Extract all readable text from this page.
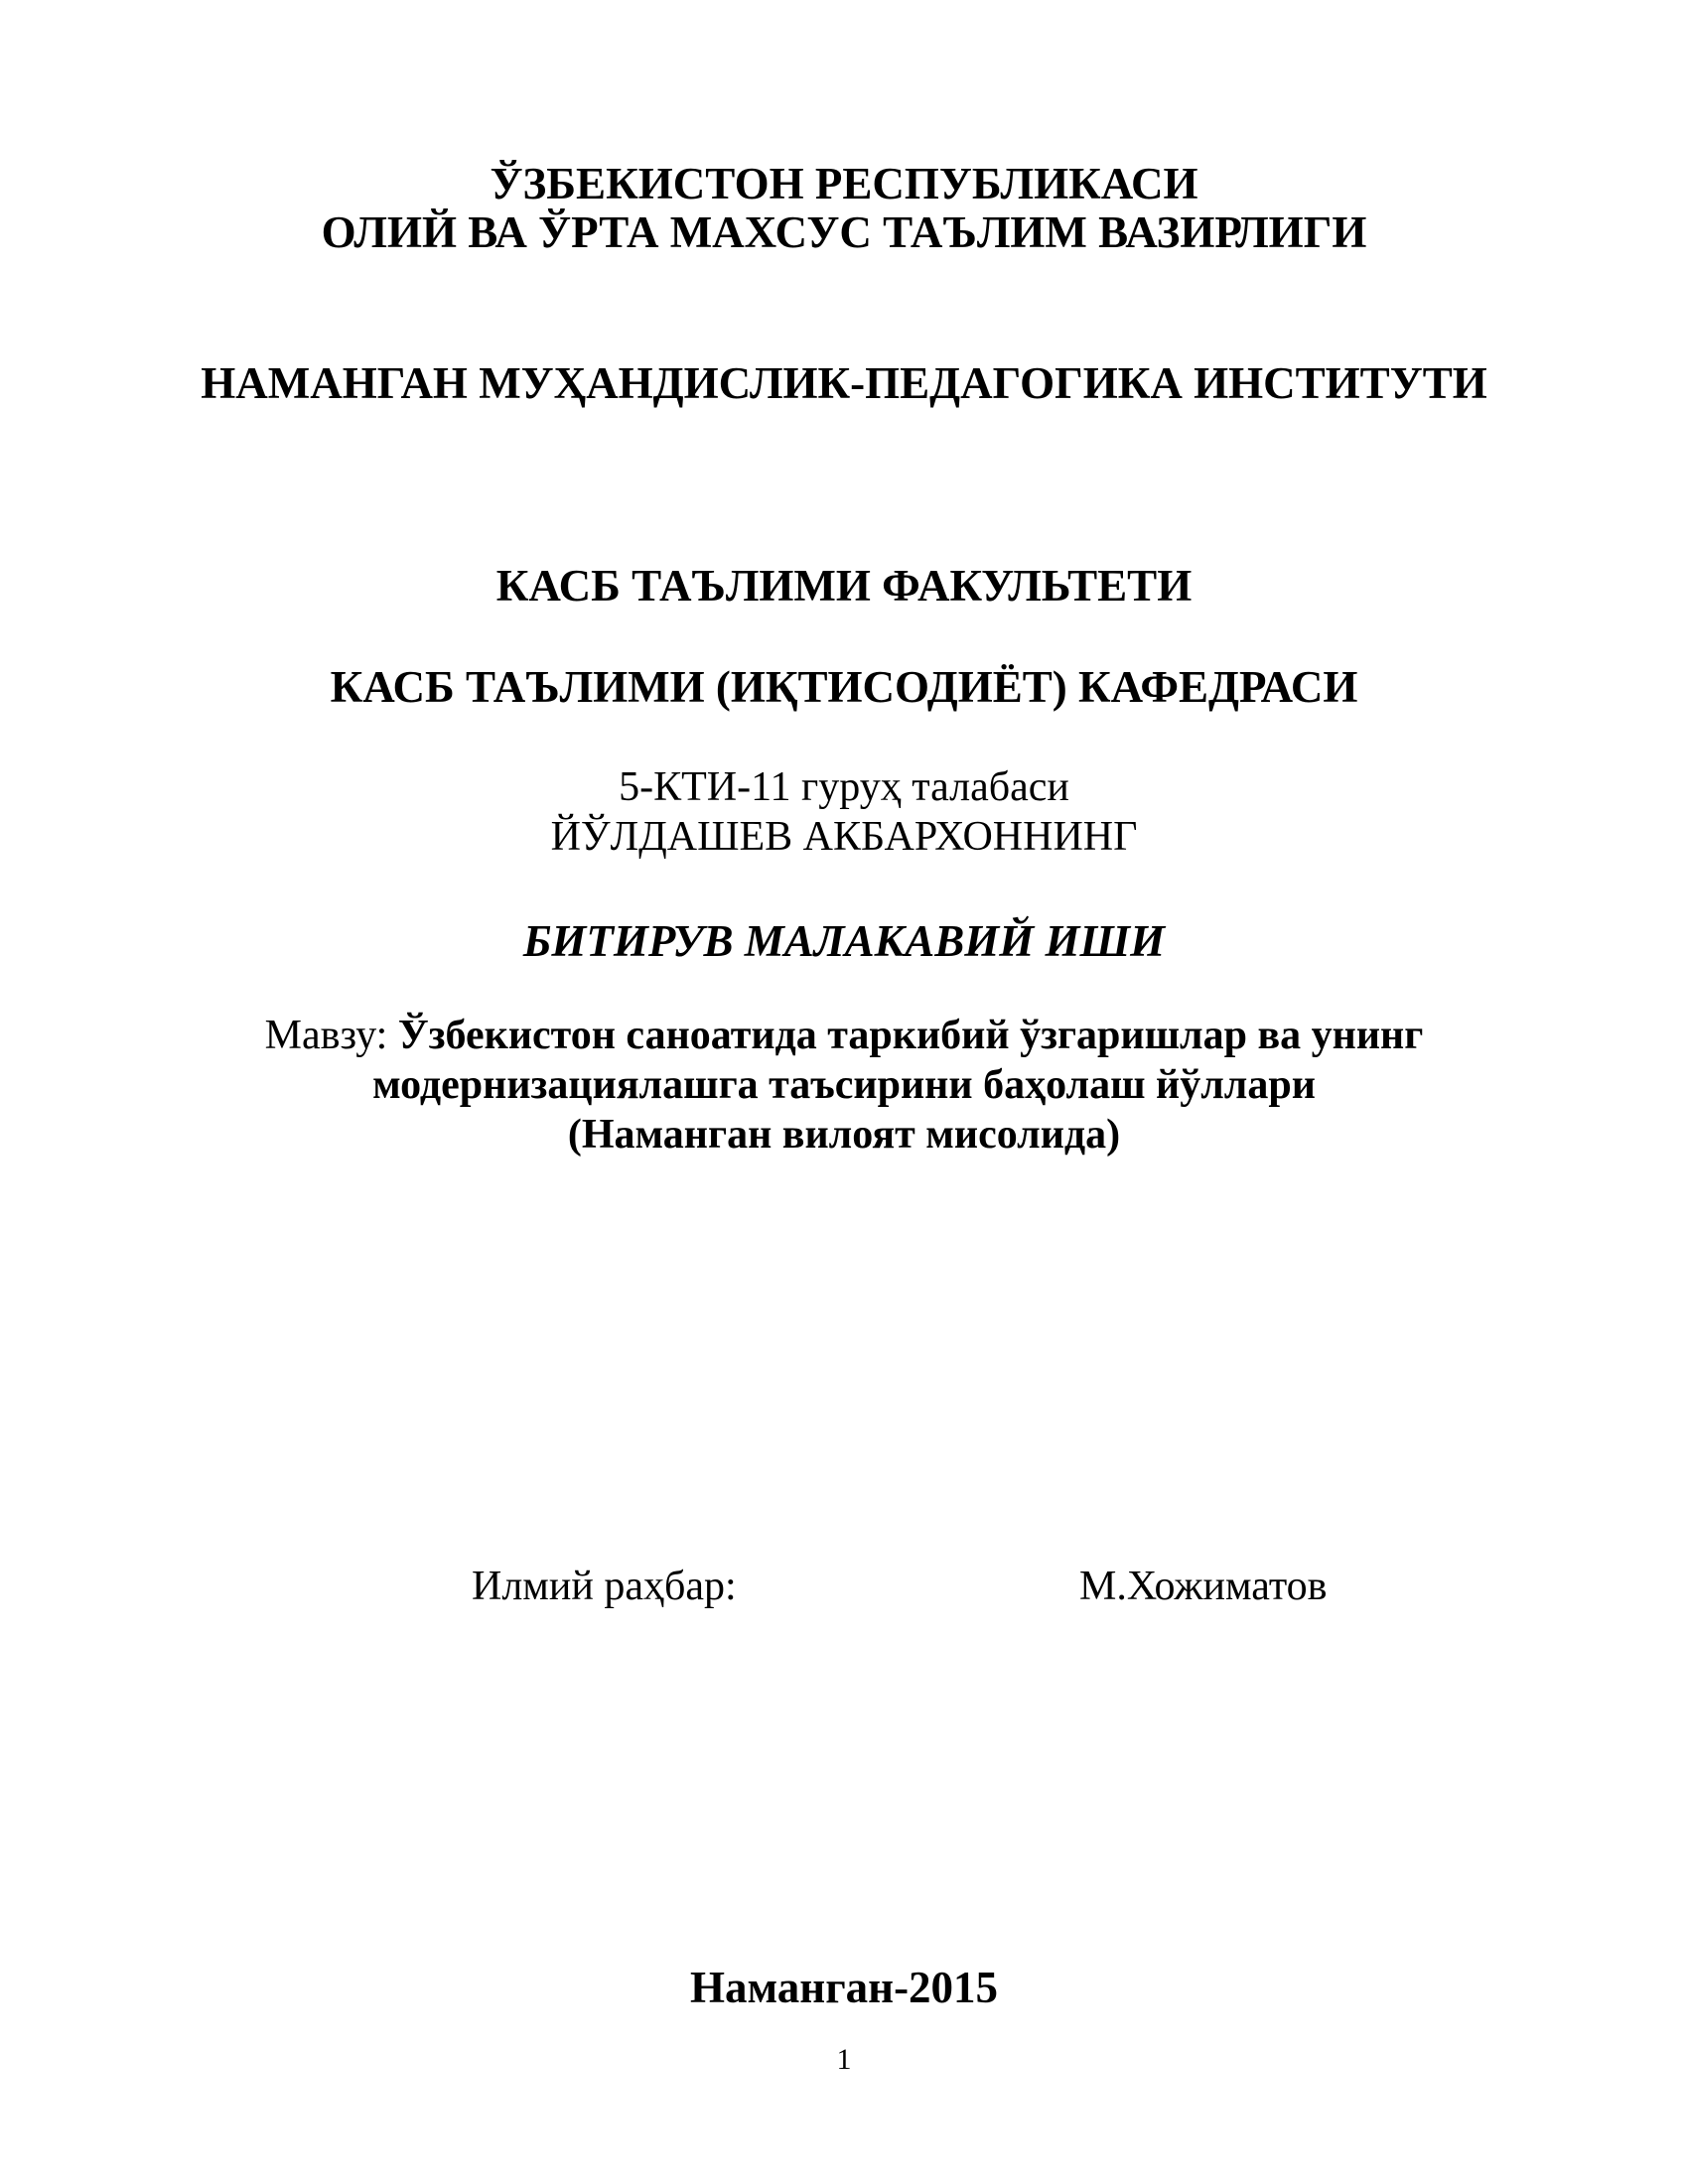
ЎЗБЕКИСТОН РЕСПУБЛИКАСИ
ОЛИЙ ВА ЎРТА МАХСУС ТАЪЛИМ ВАЗИРЛИГИ
НАМАНГАН МУҲАНДИСЛИК-ПЕДАГОГИКА ИНСТИТУТИ
КАСБ ТАЪЛИМИ ФАКУЛЬТЕТИ
КАСБ ТАЪЛИМИ (ИҚТИСОДИЁТ) КАФЕДРАСИ
5-КТИ-11 гуруҳ талабаси
ЙЎЛДАШЕВ АКБАРХОННИНГ
БИТИРУВ МАЛАКАВИЙ ИШИ
Мавзу: Ўзбекистон саноатида таркибий ўзгаришлар ва унинг
модернизациялашга таъсирини баҳолаш йўллари
(Наманган вилоят мисолида)
Илмий раҳбар:	М.Хожиматов
Наманган-2015
1
